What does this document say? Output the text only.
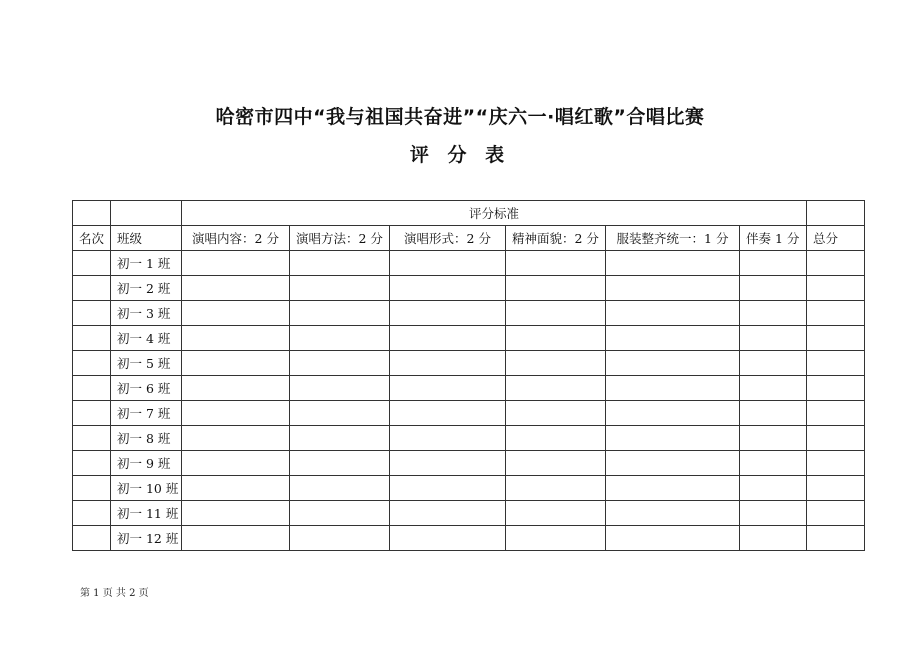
哈密市四中“我与祖国共奋进”“庆六一·唱红歌”合唱比赛
评 分 表
		评分标准						
名次	班级	演唱内容：2 分	演唱方法：2 分	演唱形式：2 分	精神面貌：2 分	服装整齐统一：1 分	伴奏 1 分	总分
	初一 1 班							
	初一 2 班							
	初一 3 班							
	初一 4 班							
	初一 5 班							
	初一 6 班							
	初一 7 班							
	初一 8 班							
	初一 9 班							
	初一 10 班							
	初一 11 班							
	初一 12 班							
第 1 页 共 2 页
